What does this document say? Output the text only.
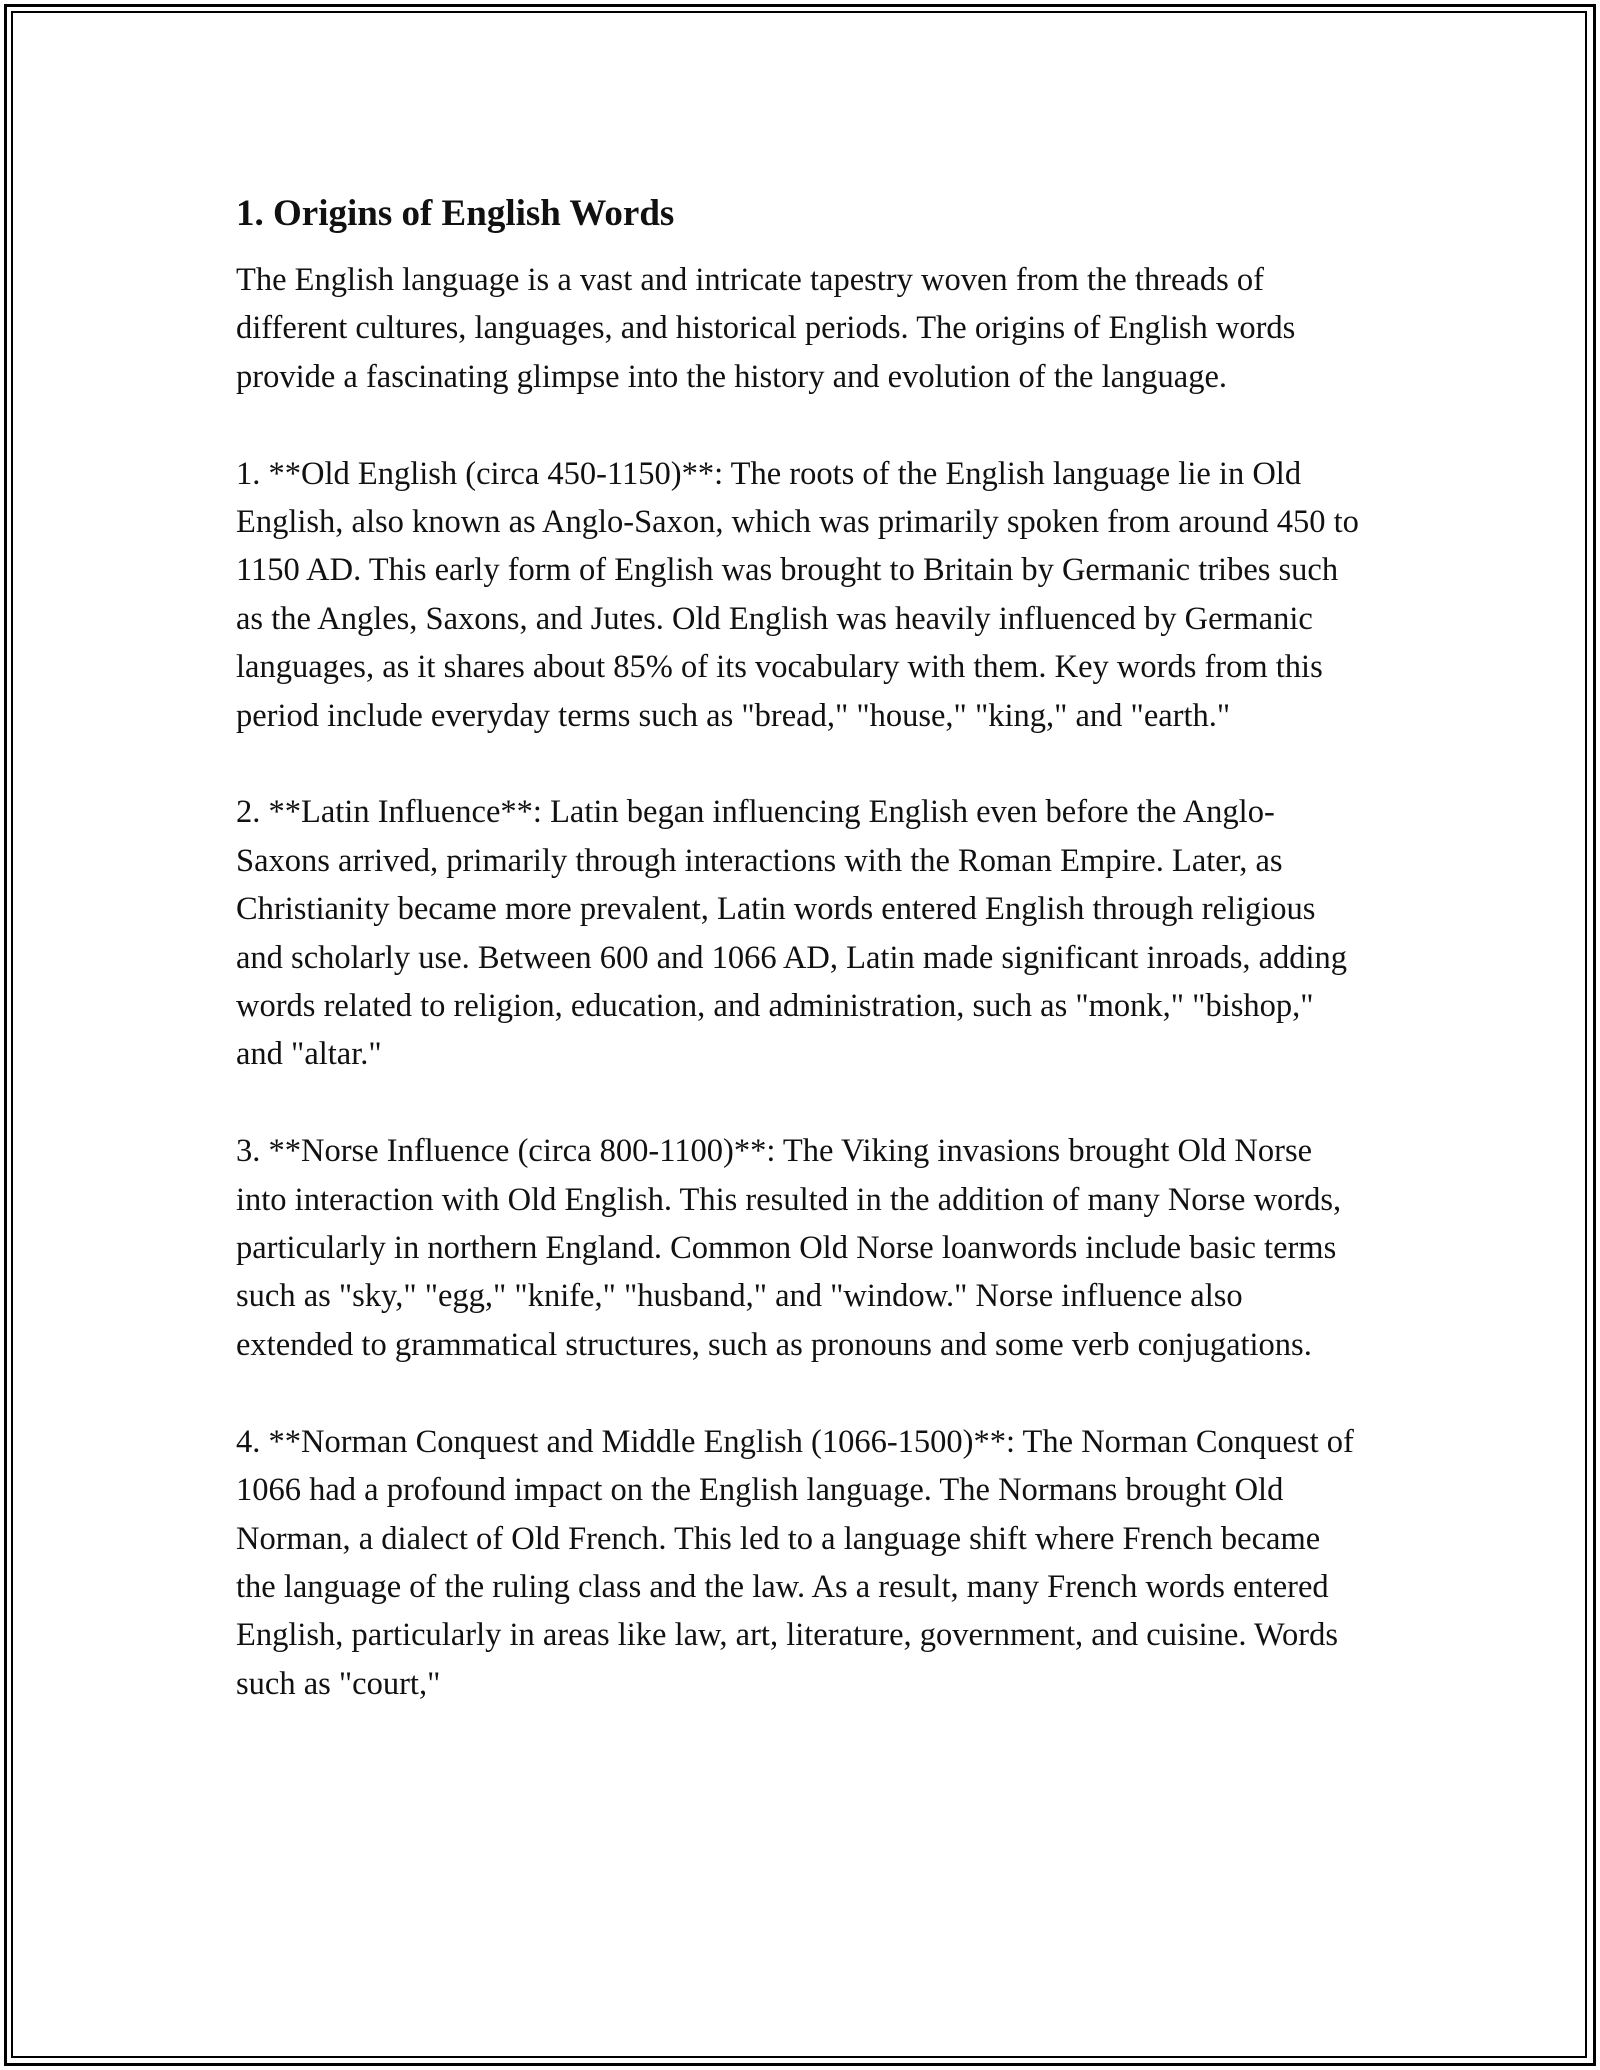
1. Origins of English Words

The English language is a vast and intricate tapestry woven from the threads of different cultures, languages, and historical periods. The origins of English words provide a fascinating glimpse into the history and evolution of the language.

1. **Old English (circa 450-1150)**: The roots of the English language lie in Old English, also known as Anglo-Saxon, which was primarily spoken from around 450 to 1150 AD. This early form of English was brought to Britain by Germanic tribes such as the Angles, Saxons, and Jutes. Old English was heavily influenced by Germanic languages, as it shares about 85% of its vocabulary with them. Key words from this period include everyday terms such as "bread," "house," "king," and "earth."

2. **Latin Influence**: Latin began influencing English even before the Anglo-Saxons arrived, primarily through interactions with the Roman Empire. Later, as Christianity became more prevalent, Latin words entered English through religious and scholarly use. Between 600 and 1066 AD, Latin made significant inroads, adding words related to religion, education, and administration, such as "monk," "bishop," and "altar."

3. **Norse Influence (circa 800-1100)**: The Viking invasions brought Old Norse into interaction with Old English. This resulted in the addition of many Norse words, particularly in northern England. Common Old Norse loanwords include basic terms such as "sky," "egg," "knife," "husband," and "window." Norse influence also extended to grammatical structures, such as pronouns and some verb conjugations.

4. **Norman Conquest and Middle English (1066-1500)**: The Norman Conquest of 1066 had a profound impact on the English language. The Normans brought Old Norman, a dialect of Old French. This led to a language shift where French became the language of the ruling class and the law. As a result, many French words entered English, particularly in areas like law, art, literature, government, and cuisine. Words such as "court,"
